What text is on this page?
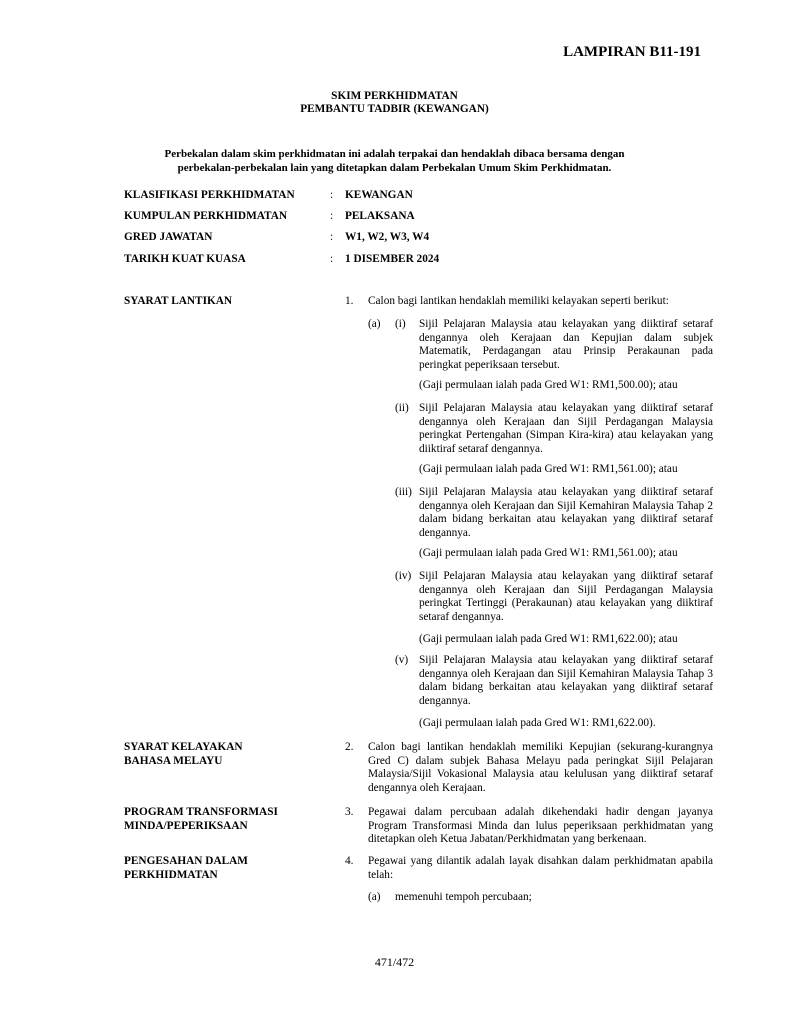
LAMPIRAN B11-191
SKIM PERKHIDMATAN
PEMBANTU TADBIR (KEWANGAN)
Perbekalan dalam skim perkhidmatan ini adalah terpakai dan hendaklah dibaca bersama dengan
perbekalan-perbekalan lain yang ditetapkan dalam Perbekalan Umum Skim Perkhidmatan.
KLASIFIKASI PERKHIDMATAN	: KEWANGAN
KUMPULAN PERKHIDMATAN	: PELAKSANA
GRED JAWATAN	: W1, W2, W3, W4
TARIKH KUAT KUASA	: 1 DISEMBER 2024
SYARAT LANTIKAN	1. Calon bagi lantikan hendaklah memiliki kelayakan seperti berikut:
(a) (i) Sijil Pelajaran Malaysia atau kelayakan yang diiktiraf setaraf dengannya oleh Kerajaan dan Kepujian dalam subjek Matematik, Perdagangan atau Prinsip Perakaunan pada peringkat peperiksaan tersebut.
(Gaji permulaan ialah pada Gred W1: RM1,500.00); atau
(ii) Sijil Pelajaran Malaysia atau kelayakan yang diiktiraf setaraf dengannya oleh Kerajaan dan Sijil Perdagangan Malaysia peringkat Pertengahan (Simpan Kira-kira) atau kelayakan yang diiktiraf setaraf dengannya.
(Gaji permulaan ialah pada Gred W1: RM1,561.00); atau
(iii) Sijil Pelajaran Malaysia atau kelayakan yang diiktiraf setaraf dengannya oleh Kerajaan dan Sijil Kemahiran Malaysia Tahap 2 dalam bidang berkaitan atau kelayakan yang diiktiraf setaraf dengannya.
(Gaji permulaan ialah pada Gred W1: RM1,561.00); atau
(iv) Sijil Pelajaran Malaysia atau kelayakan yang diiktiraf setaraf dengannya oleh Kerajaan dan Sijil Perdagangan Malaysia peringkat Tertinggi (Perakaunan) atau kelayakan yang diiktiraf setaraf dengannya.
(Gaji permulaan ialah pada Gred W1: RM1,622.00); atau
(v) Sijil Pelajaran Malaysia atau kelayakan yang diiktiraf setaraf dengannya oleh Kerajaan dan Sijil Kemahiran Malaysia Tahap 3 dalam bidang berkaitan atau kelayakan yang diiktiraf setaraf dengannya.
(Gaji permulaan ialah pada Gred W1: RM1,622.00).
SYARAT KELAYAKAN
BAHASA MELAYU
2. Calon bagi lantikan hendaklah memiliki Kepujian (sekurang-kurangnya Gred C) dalam subjek Bahasa Melayu pada peringkat Sijil Pelajaran Malaysia/Sijil Vokasional Malaysia atau kelulusan yang diiktiraf setaraf dengannya oleh Kerajaan.
PROGRAM TRANSFORMASI
MINDA/PEPERIKSAAN
3. Pegawai dalam percubaan adalah dikehendaki hadir dengan jayanya Program Transformasi Minda dan lulus peperiksaan perkhidmatan yang ditetapkan oleh Ketua Jabatan/Perkhidmatan yang berkenaan.
PENGESAHAN DALAM
PERKHIDMATAN
4. Pegawai yang dilantik adalah layak disahkan dalam perkhidmatan apabila telah:
(a) memenuhi tempoh percubaan;
471/472
